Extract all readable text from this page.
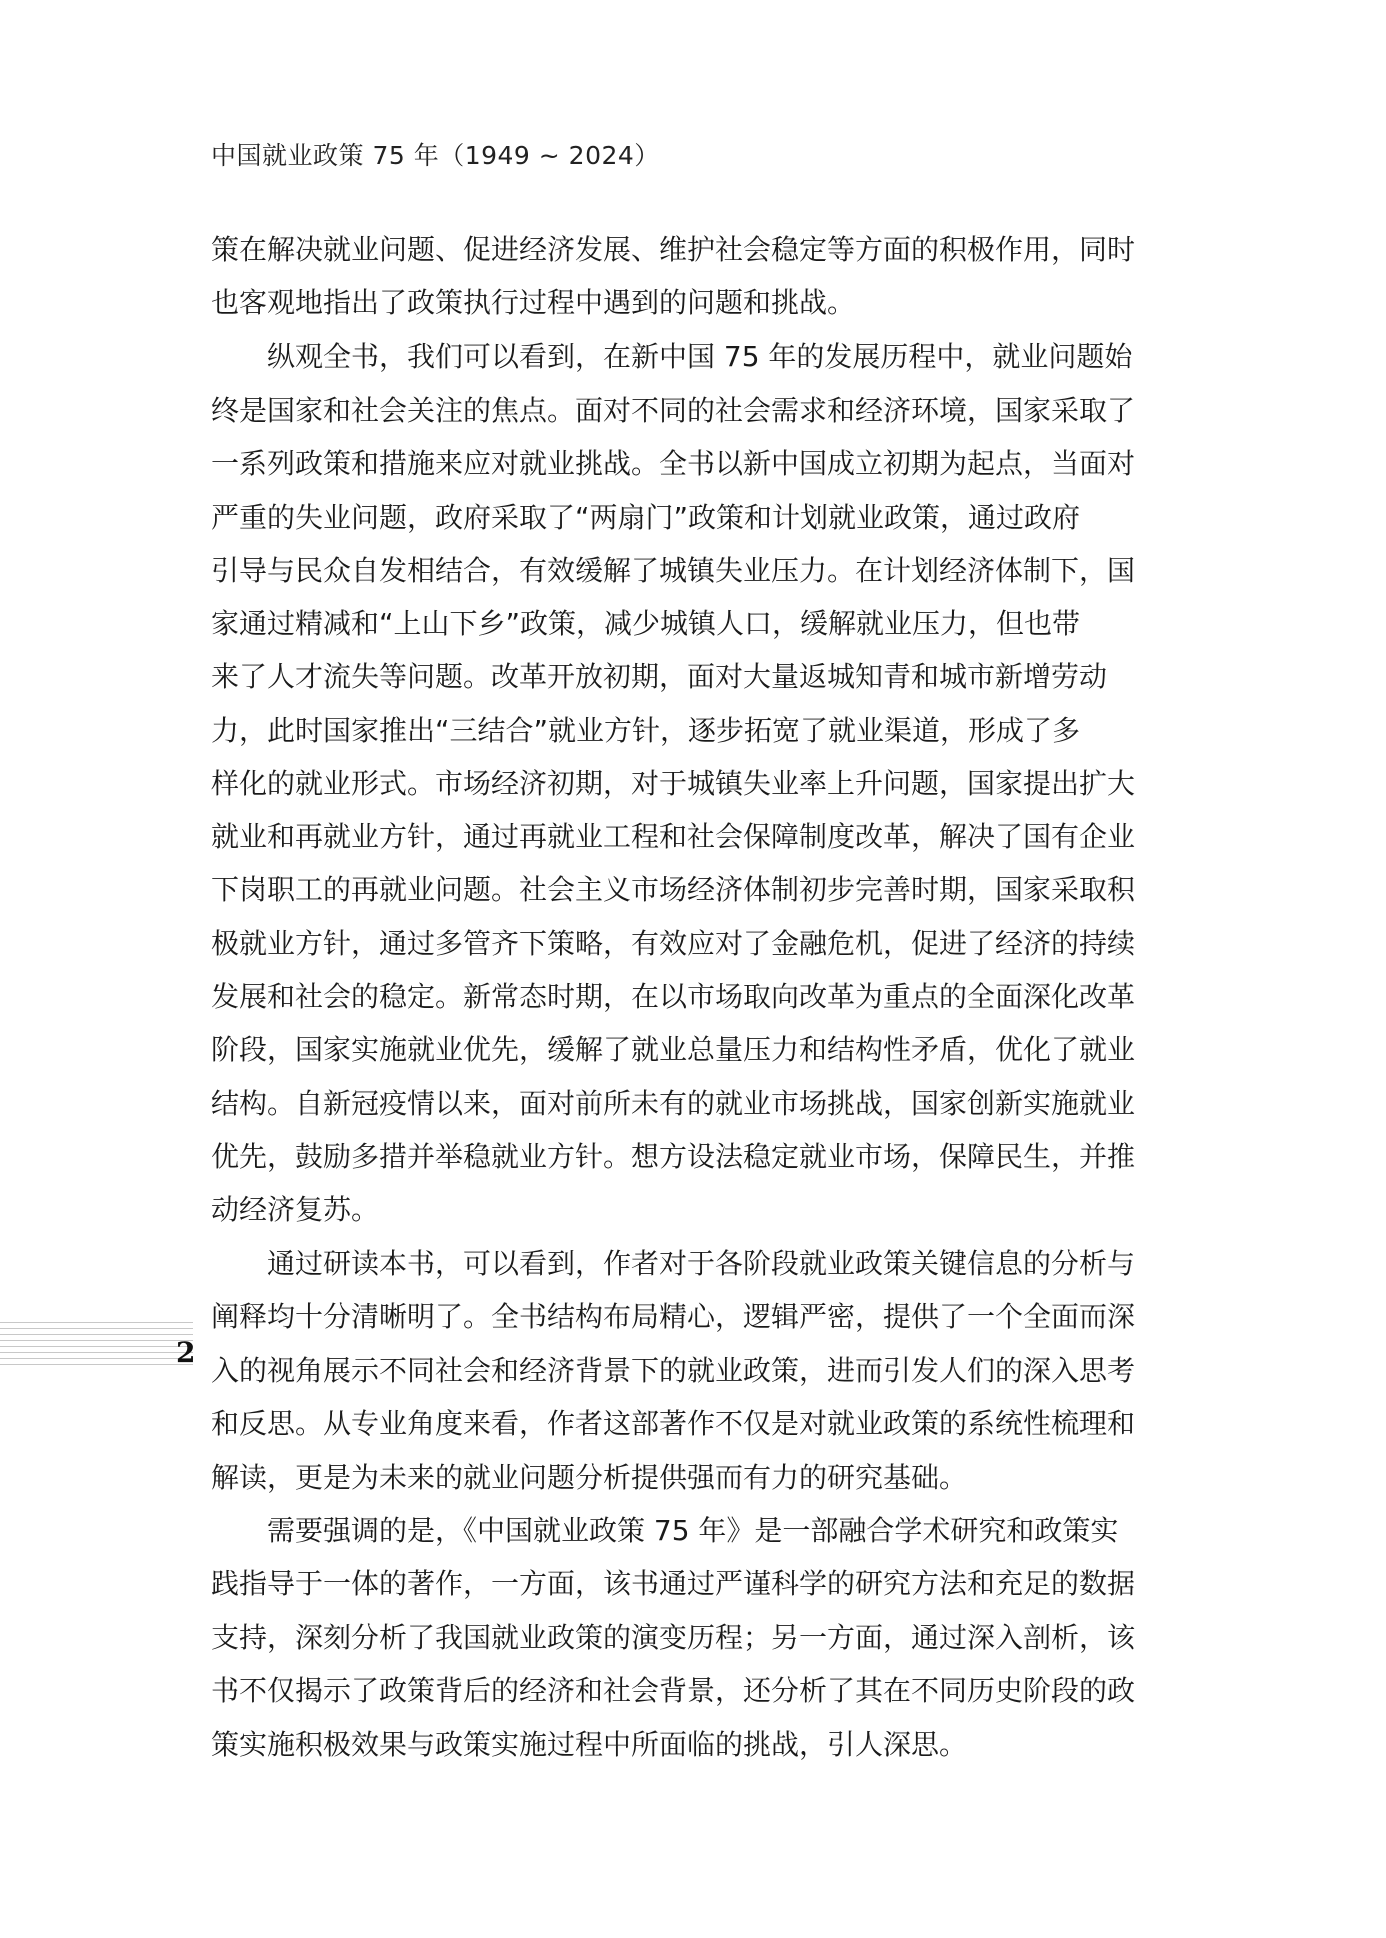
中国就业政策 75 年（1949 ~ 2024）
策在解决就业问题、促进经济发展、维护社会稳定等方面的积极作用，同时
也客观地指出了政策执行过程中遇到的问题和挑战。
　　纵观全书，我们可以看到，在新中国 75 年的发展历程中，就业问题始
终是国家和社会关注的焦点。面对不同的社会需求和经济环境，国家采取了
一系列政策和措施来应对就业挑战。全书以新中国成立初期为起点，当面对
严重的失业问题，政府采取了“两扇门”政策和计划就业政策，通过政府
引导与民众自发相结合，有效缓解了城镇失业压力。在计划经济体制下，国
家通过精减和“上山下乡”政策，减少城镇人口，缓解就业压力，但也带
来了人才流失等问题。改革开放初期，面对大量返城知青和城市新增劳动
力，此时国家推出“三结合”就业方针，逐步拓宽了就业渠道，形成了多
样化的就业形式。市场经济初期，对于城镇失业率上升问题，国家提出扩大
就业和再就业方针，通过再就业工程和社会保障制度改革，解决了国有企业
下岗职工的再就业问题。社会主义市场经济体制初步完善时期，国家采取积
极就业方针，通过多管齐下策略，有效应对了金融危机，促进了经济的持续
发展和社会的稳定。新常态时期，在以市场取向改革为重点的全面深化改革
阶段，国家实施就业优先，缓解了就业总量压力和结构性矛盾，优化了就业
结构。自新冠疫情以来，面对前所未有的就业市场挑战，国家创新实施就业
优先，鼓励多措并举稳就业方针。想方设法稳定就业市场，保障民生，并推
动经济复苏。
　　通过研读本书，可以看到，作者对于各阶段就业政策关键信息的分析与
阐释均十分清晰明了。全书结构布局精心，逻辑严密，提供了一个全面而深
入的视角展示不同社会和经济背景下的就业政策，进而引发人们的深入思考
和反思。从专业角度来看，作者这部著作不仅是对就业政策的系统性梳理和
解读，更是为未来的就业问题分析提供强而有力的研究基础。
　　需要强调的是，《中国就业政策 75 年》是一部融合学术研究和政策实
践指导于一体的著作，一方面，该书通过严谨科学的研究方法和充足的数据
支持，深刻分析了我国就业政策的演变历程；另一方面，通过深入剖析，该
书不仅揭示了政策背后的经济和社会背景，还分析了其在不同历史阶段的政
策实施积极效果与政策实施过程中所面临的挑战，引人深思。
2
